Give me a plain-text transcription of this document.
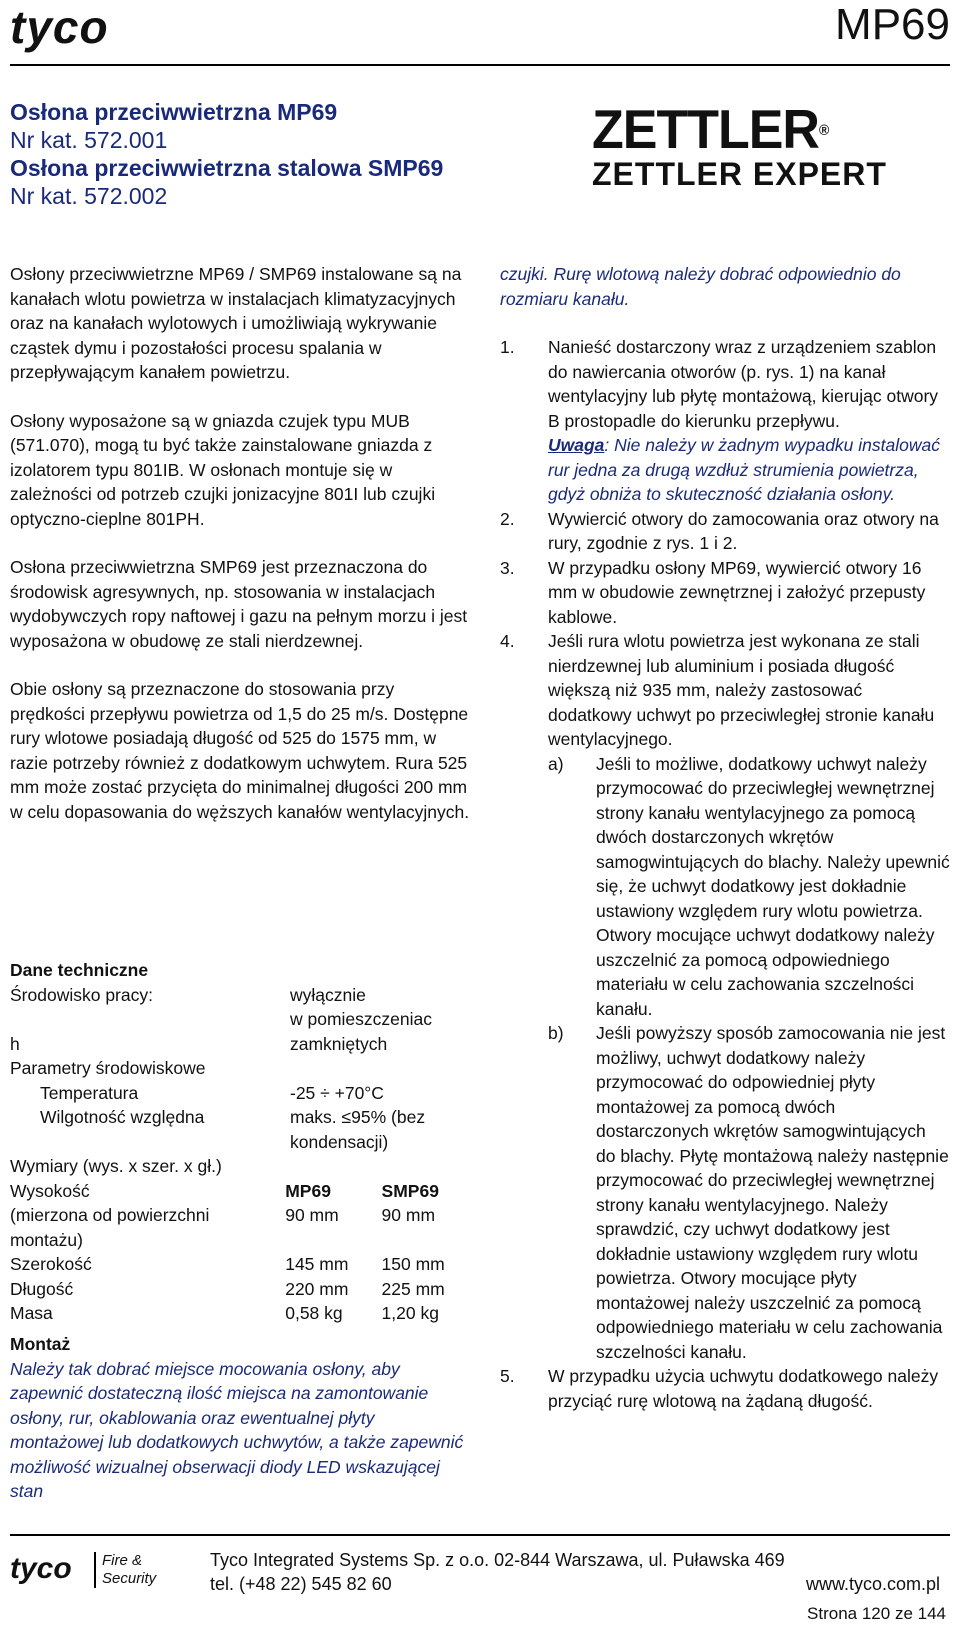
tyco	MP69
Osłona przeciwwietrzna MP69
Nr kat. 572.001
Osłona przeciwwietrzna stalowa SMP69
Nr kat. 572.002
ZETTLER®
ZETTLER EXPERT

Osłony przeciwwietrzne MP69 / SMP69 instalowane są na kanałach wlotu powietrza w instalacjach klimatyzacyjnych oraz na kanałach wylotowych i umożliwiają wykrywanie cząstek dymu i pozostałości procesu spalania w przepływającym kanałem powietrzu.

Osłony wyposażone są w gniazda czujek typu MUB (571.070), mogą tu być także zainstalowane gniazda z izolatorem typu 801IB. W osłonach montuje się w zależności od potrzeb czujki jonizacyjne 801I lub czujki optyczno-cieplne 801PH.

Osłona przeciwwietrzna SMP69 jest przeznaczona do środowisk agresywnych, np. stosowania w instalacjach wydobywczych ropy naftowej i gazu na pełnym morzu i jest wyposażona w obudowę ze stali nierdzewnej.

Obie osłony są przeznaczone do stosowania przy prędkości przepływu powietrza od 1,5 do 25 m/s. Dostępne rury wlotowe posiadają długość od 525 do 1575 mm, w razie potrzeby również z dodatkowym uchwytem. Rura 525 mm może zostać przycięta do minimalnej długości 200 mm w celu dopasowania do węższych kanałów wentylacyjnych.

Dane techniczne
Środowisko pracy:	wyłącznie
w pomieszczeniac
h	zamkniętych
Parametry środowiskowe
Temperatura	-25 ÷ +70°C
Wilgotność względna	maks. ≤95% (bez
kondensacji)
Wymiary (wys. x szer. x gł.)
Wysokość	MP69	SMP69
(mierzona od powierzchni	90 mm	90 mm
montażu)
Szerokość	145 mm	150 mm
Długość	220 mm	225 mm
Masa	0,58 kg	1,20 kg
Montaż
Należy tak dobrać miejsce mocowania osłony, aby zapewnić dostateczną ilość miejsca na zamontowanie osłony, rur, okablowania oraz ewentualnej płyty montażowej lub dodatkowych uchwytów, a także zapewnić możliwość wizualnej obserwacji diody LED wskazującej stan
czujki. Rurę wlotową należy dobrać odpowiednio do rozmiaru kanału.
1.	Nanieść dostarczony wraz z urządzeniem szablon do nawiercania otworów (p. rys. 1) na kanał wentylacyjny lub płytę montażową, kierując otwory B prostopadle do kierunku przepływu.
Uwaga: Nie należy w żadnym wypadku instalować rur jedna za drugą wzdłuż strumienia powietrza, gdyż obniża to skuteczność działania osłony.
2.	Wywiercić otwory do zamocowania oraz otwory na rury, zgodnie z rys. 1 i 2.
3.	W przypadku osłony MP69, wywiercić otwory 16 mm w obudowie zewnętrznej i założyć przepusty kablowe.
4.	Jeśli rura wlotu powietrza jest wykonana ze stali nierdzewnej lub aluminium i posiada długość większą niż 935 mm, należy zastosować dodatkowy uchwyt po przeciwległej stronie kanału wentylacyjnego.
a)	Jeśli to możliwe, dodatkowy uchwyt należy przymocować do przeciwległej wewnętrznej strony kanału wentylacyjnego za pomocą dwóch dostarczonych wkrętów samogwintujących do blachy. Należy upewnić się, że uchwyt dodatkowy jest dokładnie ustawiony względem rury wlotu powietrza. Otwory mocujące uchwyt dodatkowy należy uszczelnić za pomocą odpowiedniego materiału w celu zachowania szczelności kanału.
b)	Jeśli powyższy sposób zamocowania nie jest możliwy, uchwyt dodatkowy należy przymocować do odpowiedniej płyty montażowej za pomocą dwóch dostarczonych wkrętów samogwintujących do blachy. Płytę montażową należy następnie przymocować do przeciwległej wewnętrznej strony kanału wentylacyjnego. Należy sprawdzić, czy uchwyt dodatkowy jest dokładnie ustawiony względem rury wlotu powietrza. Otwory mocujące płyty montażowej należy uszczelnić za pomocą odpowiedniego materiału w celu zachowania szczelności kanału.
5.	W przypadku użycia uchwytu dodatkowego należy przyciąć rurę wlotową na żądaną długość.
tyco Fire &
Security
Tyco Integrated Systems Sp. z o.o. 02-844 Warszawa, ul. Puławska 469
tel. (+48 22) 545 82 60	www.tyco.com.pl
Strona 120 ze 144
